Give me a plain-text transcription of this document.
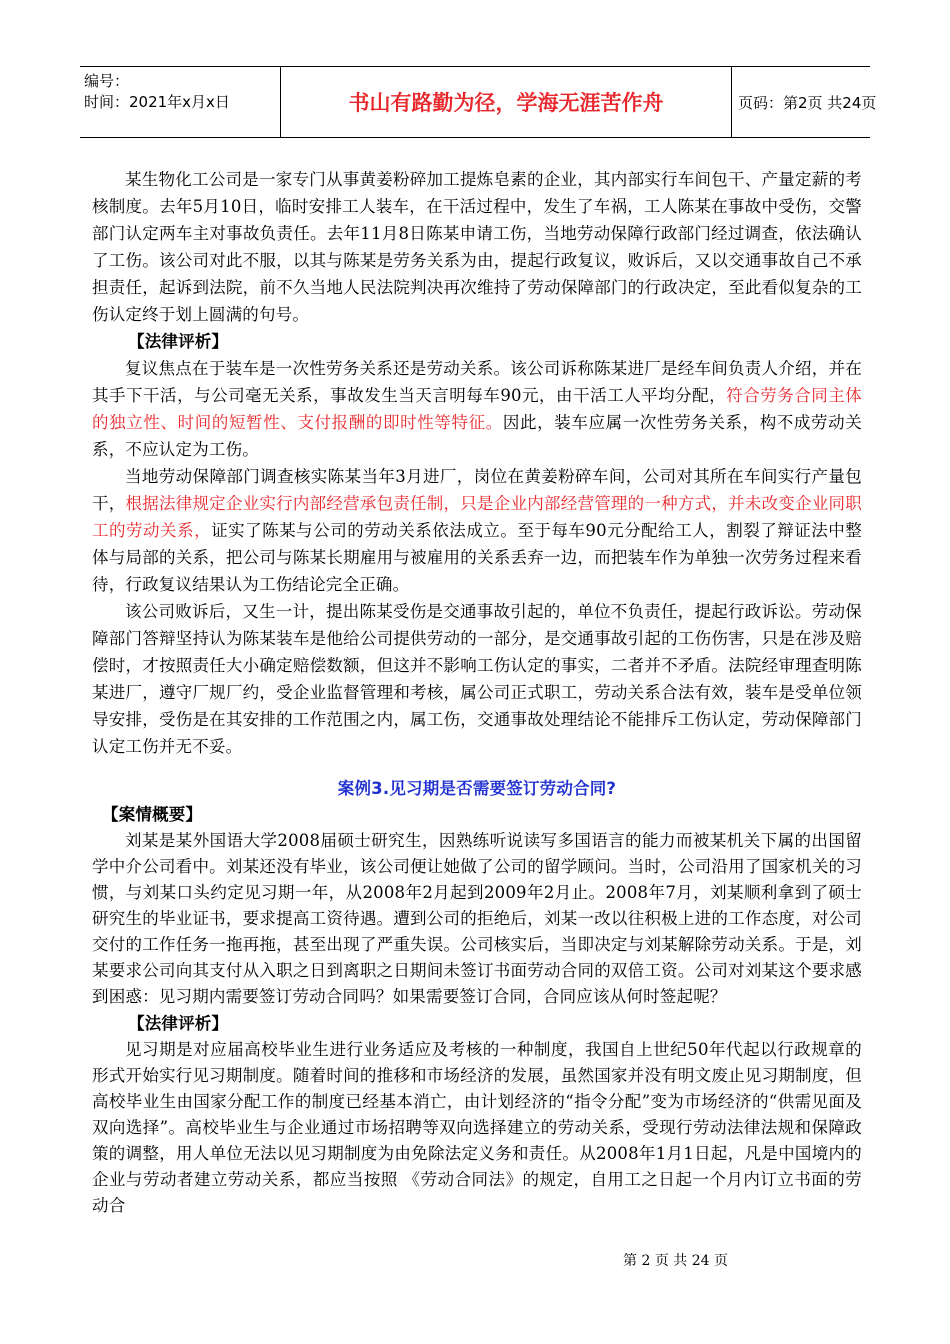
编号：
时间：2021年x月x日	书山有路勤为径，学海无涯苦作舟	页码：第2页 共24页

某生物化工公司是一家专门从事黄姜粉碎加工提炼皂素的企业，其内部实行车间包干、产量定薪的考核制度。去年5月10日，临时安排工人装车，在干活过程中，发生了车祸，工人陈某在事故中受伤，交警部门认定两车主对事故负责任。去年11月8日陈某申请工伤，当地劳动保障行政部门经过调查，依法确认了工伤。该公司对此不服，以其与陈某是劳务关系为由，提起行政复议，败诉后，又以交通事故自己不承担责任，起诉到法院，前不久当地人民法院判决再次维持了劳动保障部门的行政决定，至此看似复杂的工伤认定终于划上圆满的句号。

【法律评析】

复议焦点在于装车是一次性劳务关系还是劳动关系。该公司诉称陈某进厂是经车间负责人介绍，并在其手下干活，与公司毫无关系，事故发生当天言明每车90元，由干活工人平均分配，符合劳务合同主体的独立性、时间的短暂性、支付报酬的即时性等特征。因此，装车应属一次性劳务关系，构不成劳动关系，不应认定为工伤。

当地劳动保障部门调查核实陈某当年3月进厂，岗位在黄姜粉碎车间，公司对其所在车间实行产量包干，根据法律规定企业实行内部经营承包责任制，只是企业内部经营管理的一种方式，并未改变企业同职工的劳动关系，证实了陈某与公司的劳动关系依法成立。至于每车90元分配给工人，割裂了辩证法中整体与局部的关系，把公司与陈某长期雇用与被雇用的关系丢弃一边，而把装车作为单独一次劳务过程来看待，行政复议结果认为工伤结论完全正确。

该公司败诉后，又生一计，提出陈某受伤是交通事故引起的，单位不负责任，提起行政诉讼。劳动保障部门答辩坚持认为陈某装车是他给公司提供劳动的一部分，是交通事故引起的工伤伤害，只是在涉及赔偿时，才按照责任大小确定赔偿数额，但这并不影响工伤认定的事实，二者并不矛盾。法院经审理查明陈某进厂，遵守厂规厂约，受企业监督管理和考核，属公司正式职工，劳动关系合法有效，装车是受单位领导安排，受伤是在其安排的工作范围之内，属工伤，交通事故处理结论不能排斥工伤认定，劳动保障部门认定工伤并无不妥。

案例3.见习期是否需要签订劳动合同?

【案情概要】

刘某是某外国语大学2008届硕士研究生，因熟练听说读写多国语言的能力而被某机关下属的出国留学中介公司看中。刘某还没有毕业，该公司便让她做了公司的留学顾问。当时，公司沿用了国家机关的习惯，与刘某口头约定见习期一年，从2008年2月起到2009年2月止。2008年7月，刘某顺利拿到了硕士研究生的毕业证书，要求提高工资待遇。遭到公司的拒绝后，刘某一改以往积极上进的工作态度，对公司交付的工作任务一拖再拖，甚至出现了严重失误。公司核实后，当即决定与刘某解除劳动关系。于是，刘某要求公司向其支付从入职之日到离职之日期间未签订书面劳动合同的双倍工资。公司对刘某这个要求感到困惑：见习期内需要签订劳动合同吗？如果需要签订合同，合同应该从何时签起呢？

【法律评析】

见习期是对应届高校毕业生进行业务适应及考核的一种制度，我国自上世纪50年代起以行政规章的形式开始实行见习期制度。随着时间的推移和市场经济的发展，虽然国家并没有明文废止见习期制度，但高校毕业生由国家分配工作的制度已经基本消亡，由计划经济的“指令分配”变为市场经济的“供需见面及双向选择”。高校毕业生与企业通过市场招聘等双向选择建立的劳动关系，受现行劳动法律法规和保障政策的调整，用人单位无法以见习期制度为由免除法定义务和责任。从2008年1月1日起，凡是中国境内的企业与劳动者建立劳动关系，都应当按照 《劳动合同法》的规定，自用工之日起一个月内订立书面的劳动合

第 2 页 共 24 页
